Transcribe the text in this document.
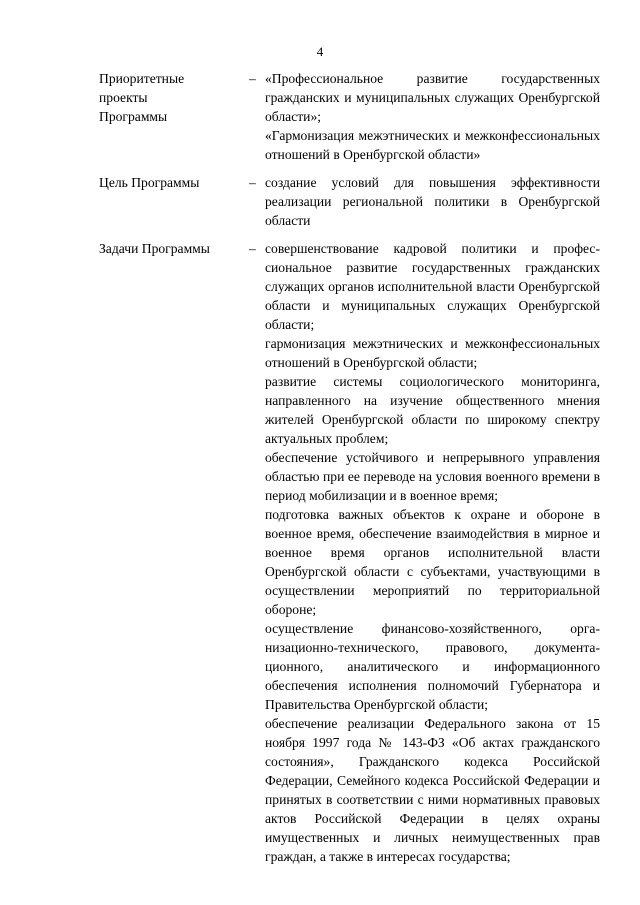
4
Приоритетные
проекты
Программы
– «Профессиональное развитие государственных гражданских и муниципальных служащих Оренбургской области»;

«Гармонизация межэтнических и межконфессиональных отношений в Оренбургской области»

Цель Программы	– создание условий для повышения эффективности реализации региональной политики в Оренбургской области

Задачи Программы	– совершенствование кадровой политики и профессиональное развитие государственных гражданских служащих органов исполнительной власти Оренбургской области и муниципальных служащих Оренбургской области;

гармонизация межэтнических и межконфессиональных отношений в Оренбургской области;

развитие системы социологического мониторинга, направленного на изучение общественного мнения жителей Оренбургской области по широкому спектру актуальных проблем;

обеспечение устойчивого и непрерывного управления областью при ее переводе на условия военного времени в период мобилизации и в военное время;

подготовка важных объектов к охране и обороне в военное время, обеспечение взаимодействия в мирное и военное время органов исполнительной власти Оренбургской области с субъектами, участвующими в осуществлении мероприятий по территориальной обороне;

осуществление финансово-хозяйственного, организационно-технического, правового, документационного, аналитического и информационного обеспечения исполнения полномочий Губернатора и Правительства Оренбургской области;

обеспечение реализации Федерального закона от 15 ноября 1997 года № 143-ФЗ «Об актах гражданского состояния», Гражданского кодекса Российской Федерации, Семейного кодекса Российской Федерации и принятых в соответствии с ними нормативных правовых актов Российской Федерации в целях охраны имущественных и личных неимущественных прав граждан, а также в интересах государства;
